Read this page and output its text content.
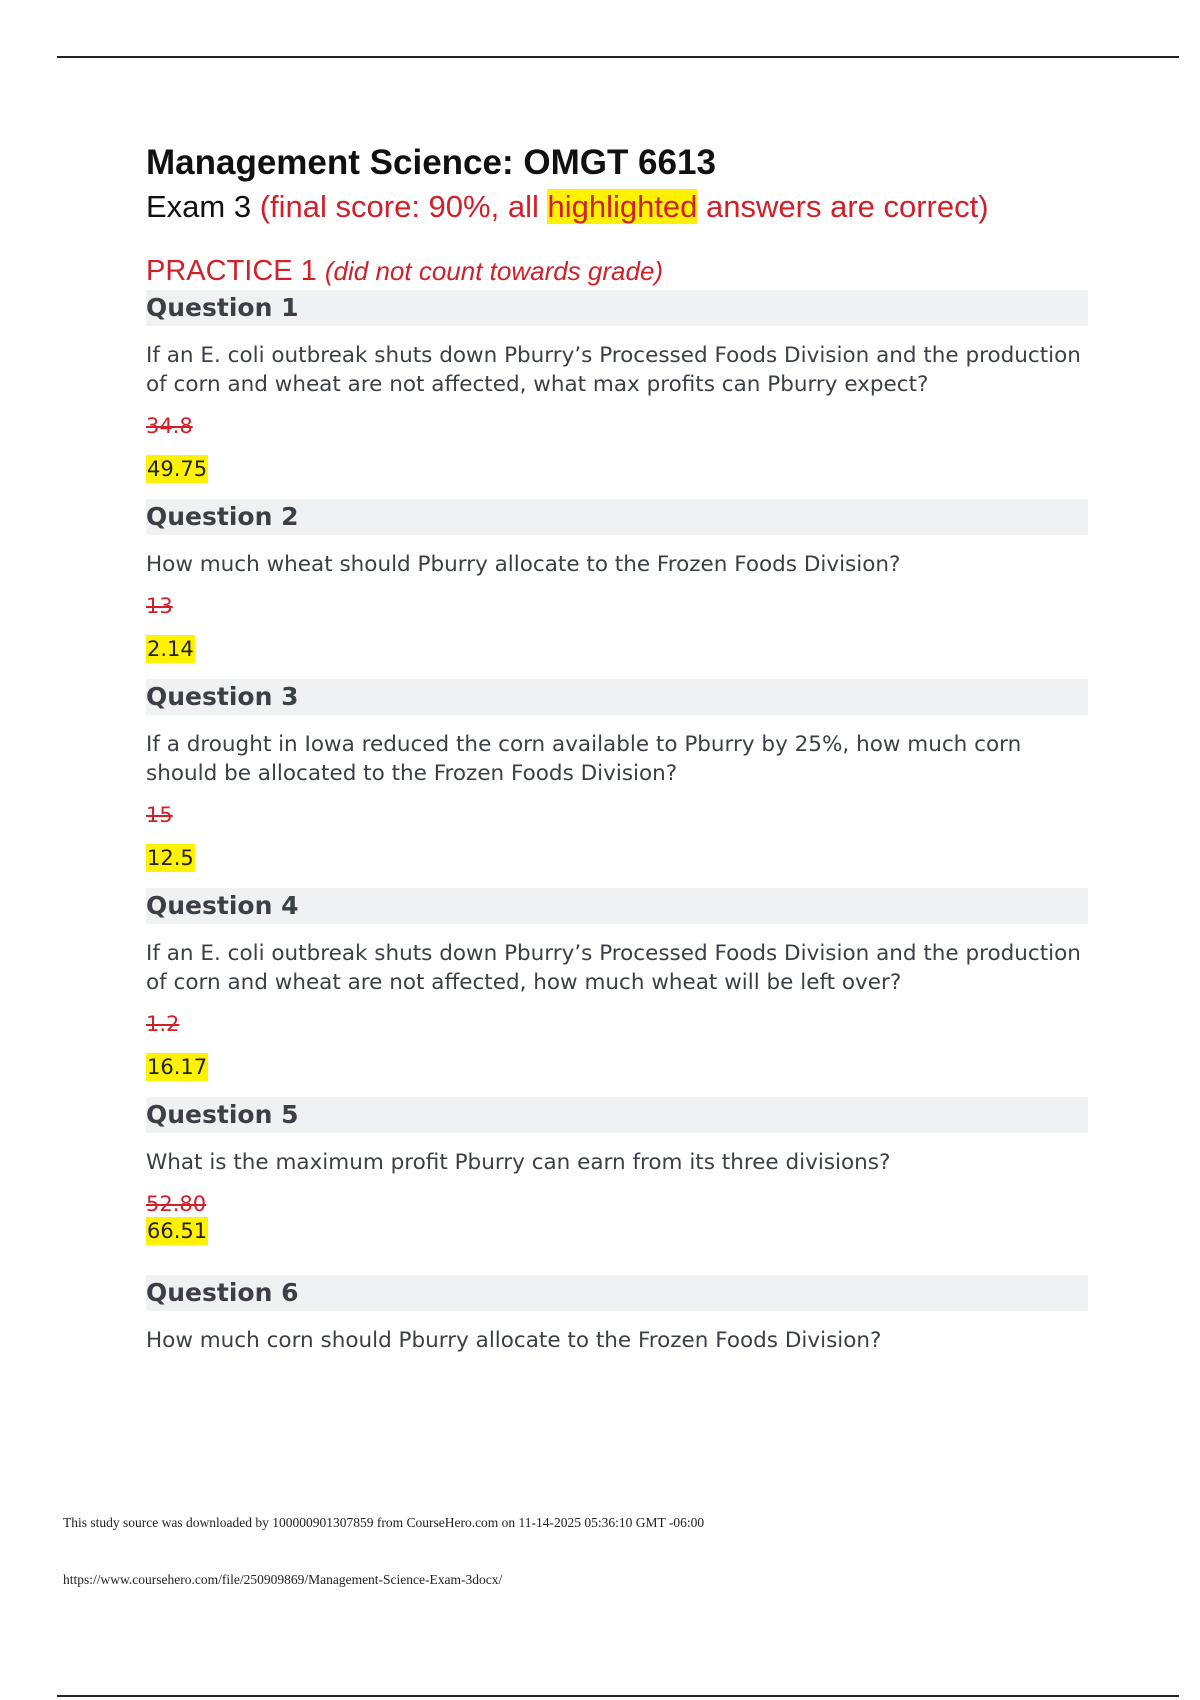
Management Science: OMGT 6613

Exam 3 (final score: 90%, all highlighted answers are correct)

PRACTICE 1 (did not count towards grade)
Question 1

If an E. coli outbreak shuts down Pburry’s Processed Foods Division and the production of corn and wheat are not affected, what max profits can Pburry expect?

34.8

49.75

Question 2

How much wheat should Pburry allocate to the Frozen Foods Division?

13

2.14

Question 3

If a drought in Iowa reduced the corn available to Pburry by 25%, how much corn should be allocated to the Frozen Foods Division?

15

12.5

Question 4

If an E. coli outbreak shuts down Pburry’s Processed Foods Division and the production of corn and wheat are not affected, how much wheat will be left over?

1.2

16.17

Question 5

What is the maximum profit Pburry can earn from its three divisions?

52.80

66.51

Question 6

How much corn should Pburry allocate to the Frozen Foods Division?

This study source was downloaded by 100000901307859 from CourseHero.com on 11-14-2025 05:36:10 GMT -06:00
https://www.coursehero.com/file/250909869/Management-Science-Exam-3docx/
